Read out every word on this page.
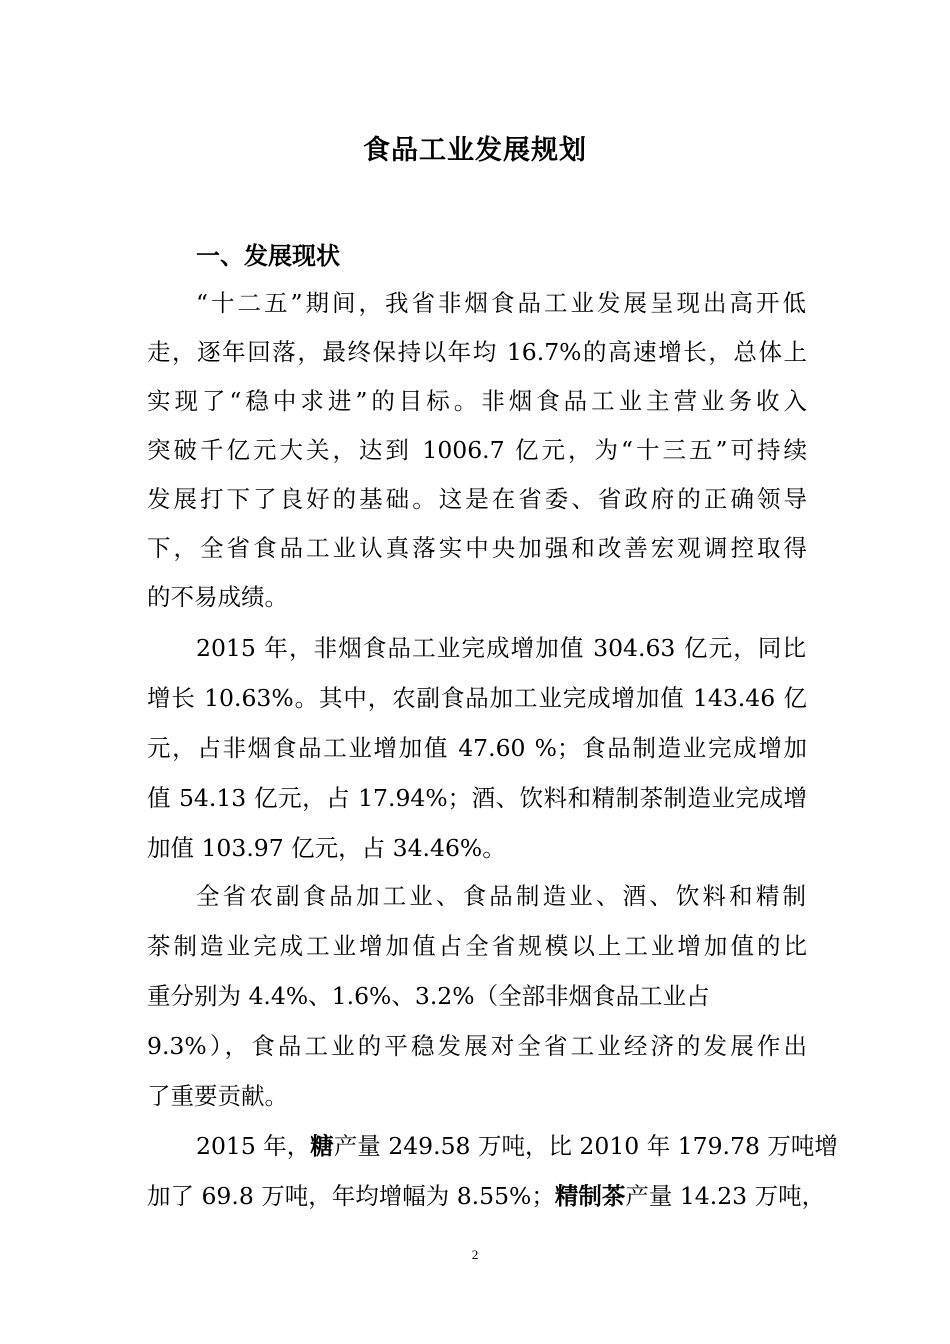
食品工业发展规划
一、发展现状
“十二五”期间，我省非烟食品工业发展呈现出高开低
走，逐年回落，最终保持以年均 16.7%的高速增长，总体上
实现了“稳中求进”的目标。非烟食品工业主营业务收入
突破千亿元大关，达到 1006.7 亿元，为“十三五”可持续
发展打下了良好的基础。这是在省委、省政府的正确领导
下，全省食品工业认真落实中央加强和改善宏观调控取得
的不易成绩。
2015 年，非烟食品工业完成增加值 304.63 亿元，同比
增长 10.63%。其中，农副食品加工业完成增加值 143.46 亿
元，占非烟食品工业增加值 47.60 %；食品制造业完成增加
值 54.13 亿元，占 17.94%；酒、饮料和精制茶制造业完成增
加值 103.97 亿元，占 34.46%。
全省农副食品加工业、食品制造业、酒、饮料和精制
茶制造业完成工业增加值占全省规模以上工业增加值的比
重分别为 4.4%、1.6%、3.2%（全部非烟食品工业占
9.3%），食品工业的平稳发展对全省工业经济的发展作出
了重要贡献。
2015 年，糖产量 249.58 万吨，比 2010 年 179.78 万吨增
加了 69.8 万吨，年均增幅为 8.55%；精制茶产量 14.23 万吨，
2
